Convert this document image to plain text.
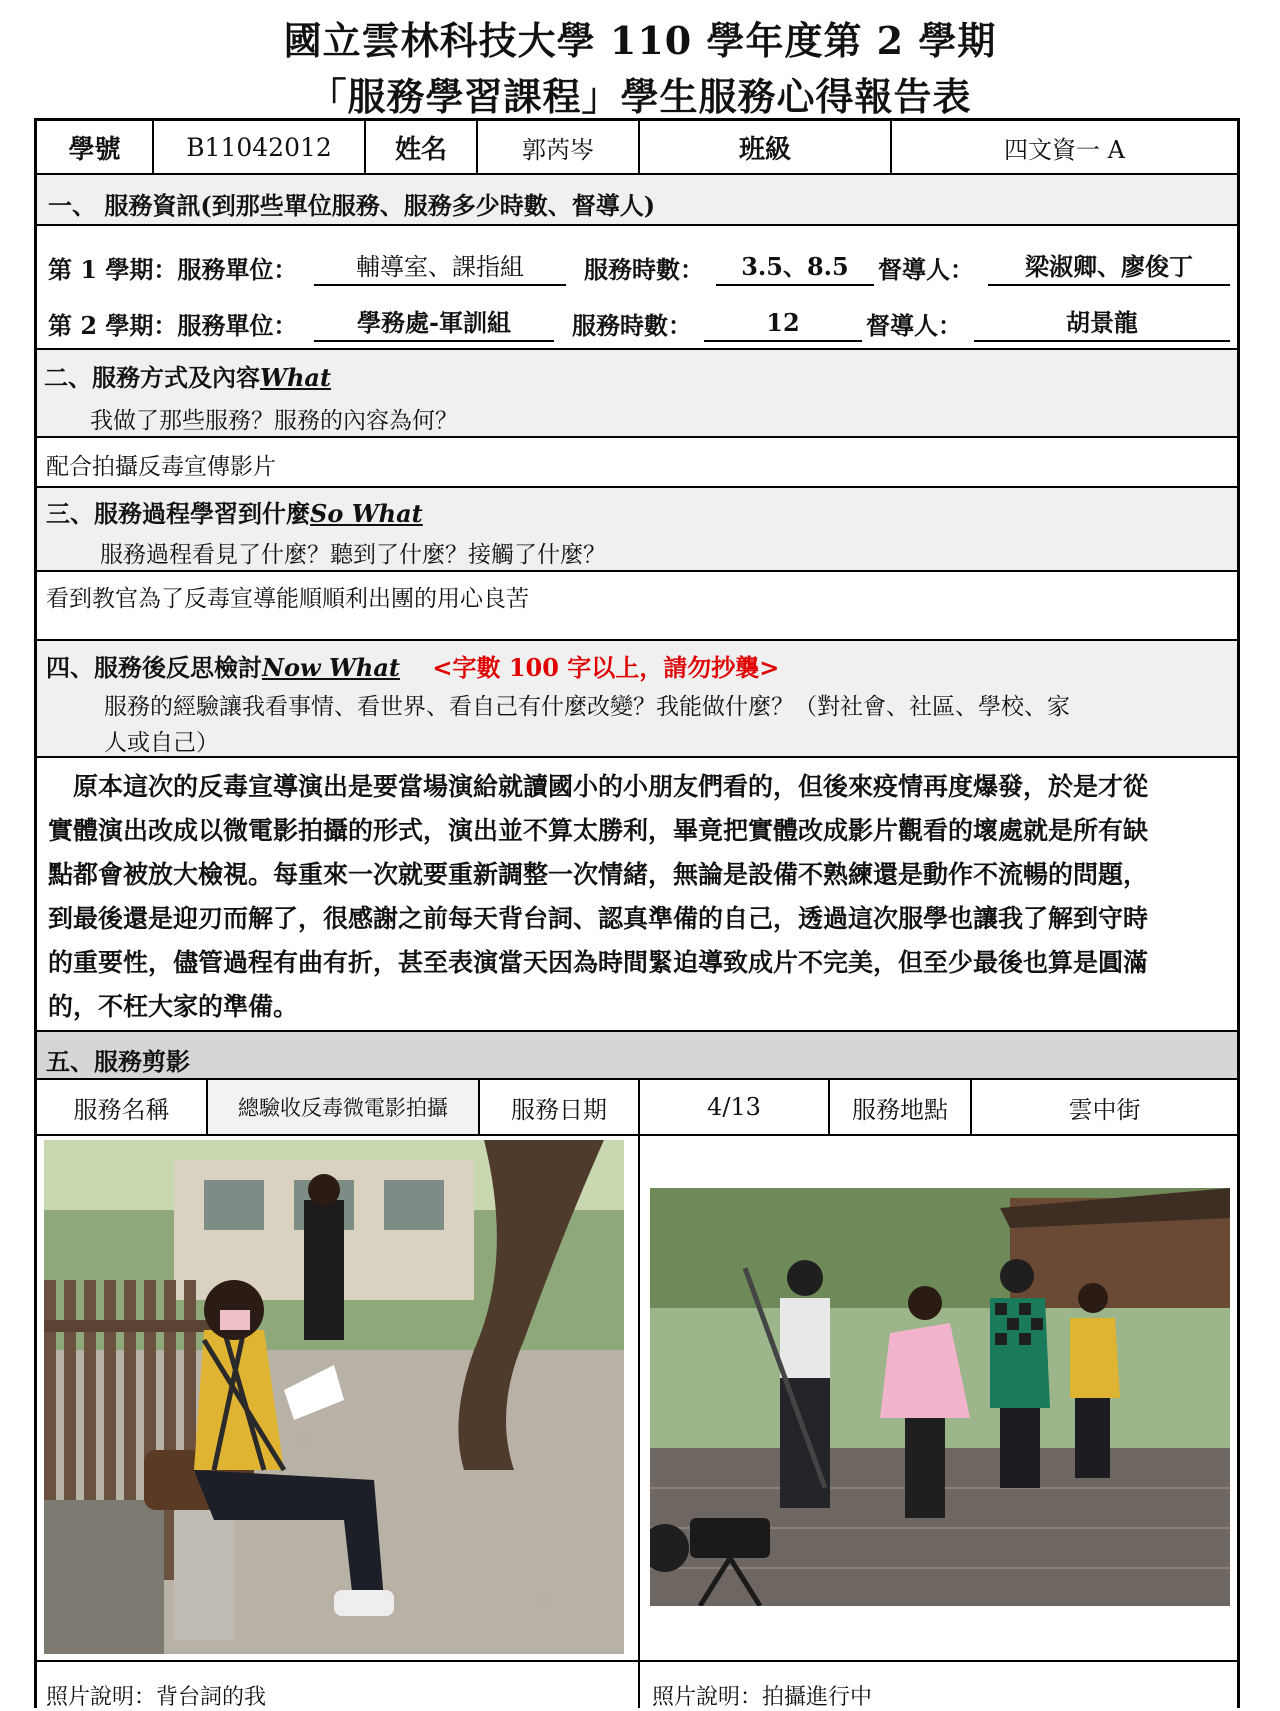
國立雲林科技大學 110 學年度第 2 學期
「服務學習課程」學生服務心得報告表
學號	B11042012	姓名	郭芮岑	班級	四文資一 A
一、 服務資訊(到那些單位服務、服務多少時數、督導人)
第 1 學期：服務單位：	輔導室、課指組	服務時數：	3.5、8.5	督導人：	梁淑卿、廖俊丁
第 2 學期：服務單位：	學務處-軍訓組	服務時數：	12	督導人：	胡景龍
二、服務方式及內容What
我做了那些服務？服務的內容為何？
配合拍攝反毒宣傳影片
三、服務過程學習到什麼So What
服務過程看見了什麼？聽到了什麼？接觸了什麼？
看到教官為了反毒宣導能順順利出團的用心良苦
四、服務後反思檢討Now What <字數 100 字以上，請勿抄襲>
服務的經驗讓我看事情、看世界、看自己有什麼改變？我能做什麼？（對社會、社區、學校、家
人或自己）
　原本這次的反毒宣導演出是要當場演給就讀國小的小朋友們看的，但後來疫情再度爆發，於是才從
實體演出改成以微電影拍攝的形式，演出並不算太勝利，畢竟把實體改成影片觀看的壞處就是所有缺
點都會被放大檢視。每重來一次就要重新調整一次情緒，無論是設備不熟練還是動作不流暢的問題，
到最後還是迎刃而解了，很感謝之前每天背台詞、認真準備的自己，透過這次服學也讓我了解到守時
的重要性，儘管過程有曲有折，甚至表演當天因為時間緊迫導致成片不完美，但至少最後也算是圓滿
的，不枉大家的準備。
五、服務剪影
服務名稱	總驗收反毒微電影拍攝	服務日期	4/13	服務地點	雲中街
照片說明：背台詞的我	照片說明：拍攝進行中
